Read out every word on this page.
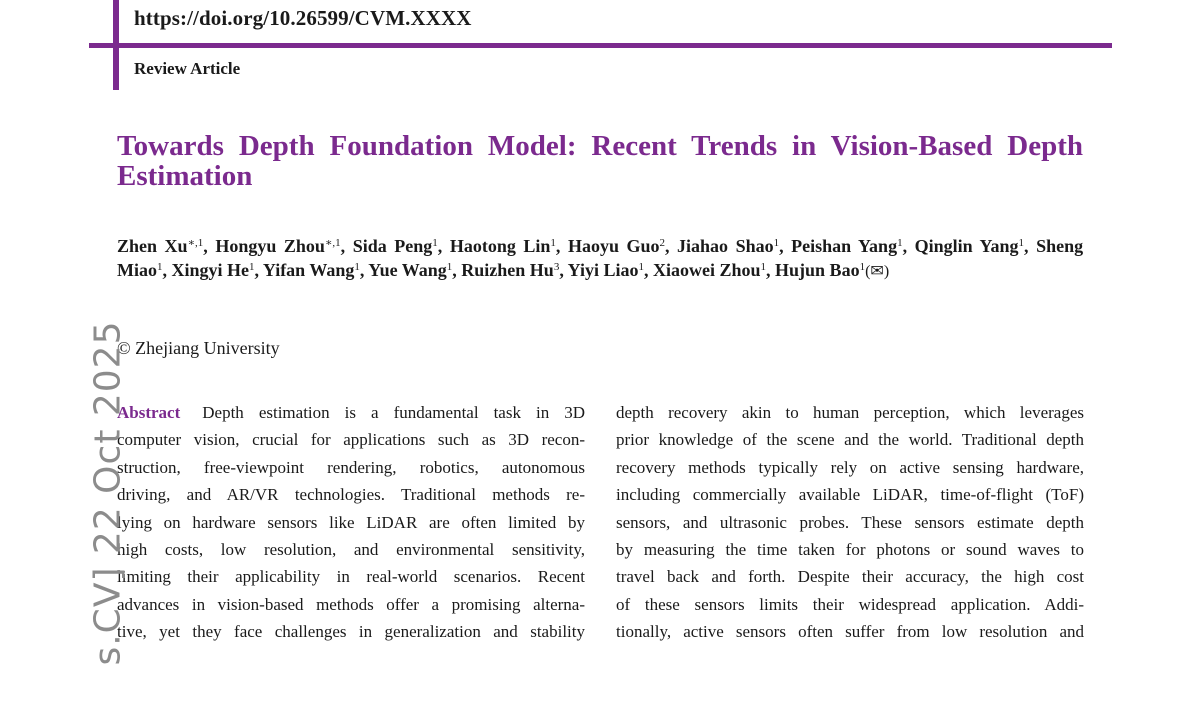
https://doi.org/10.26599/CVM.XXXX
Review Article
Towards Depth Foundation Model: Recent Trends in Vision-Based Depth Estimation
Zhen $Xu^{∗,1}$, Hongyu Zhou$^{∗,1}$, Sida Peng$^1$, Haotong Lin$^1$, Haoyu Guo$^2$, Jiahao Shao$^1$, Peishan Yang$^1$, Qinglin Yang$^1$, Sheng Miao$^1$, Xingyi He$^1$, Yifan Wang$^1$, Yue Wang$^1$, Ruizhen Hu$^3$, Yiyi Liao$^1$, Xiaowei Zhou$^1$, Hujun Bao$^1$(✉)
© Zhejiang University
Abstract Depth estimation is a fundamental task in 3D
computer vision, crucial for applications such as 3D recon-
struction, free-viewpoint rendering, robotics, autonomous
driving, and AR/VR technologies. Traditional methods re-
lying on hardware sensors like LiDAR are often limited by
high costs, low resolution, and environmental sensitivity,
limiting their applicability in real-world scenarios. Recent
advances in vision-based methods offer a promising alterna-
tive, yet they face challenges in generalization and stability
depth recovery akin to human perception, which leverages
prior knowledge of the scene and the world. Traditional depth
recovery methods typically rely on active sensing hardware,
including commercially available LiDAR, time-of-flight (ToF)
sensors, and ultrasonic probes. These sensors estimate depth
by measuring the time taken for photons or sound waves to
travel back and forth. Despite their accuracy, the high cost
of these sensors limits their widespread application. Addi-
tionally, active sensors often suffer from low resolution and
s.CV] 22 Oct 2025
